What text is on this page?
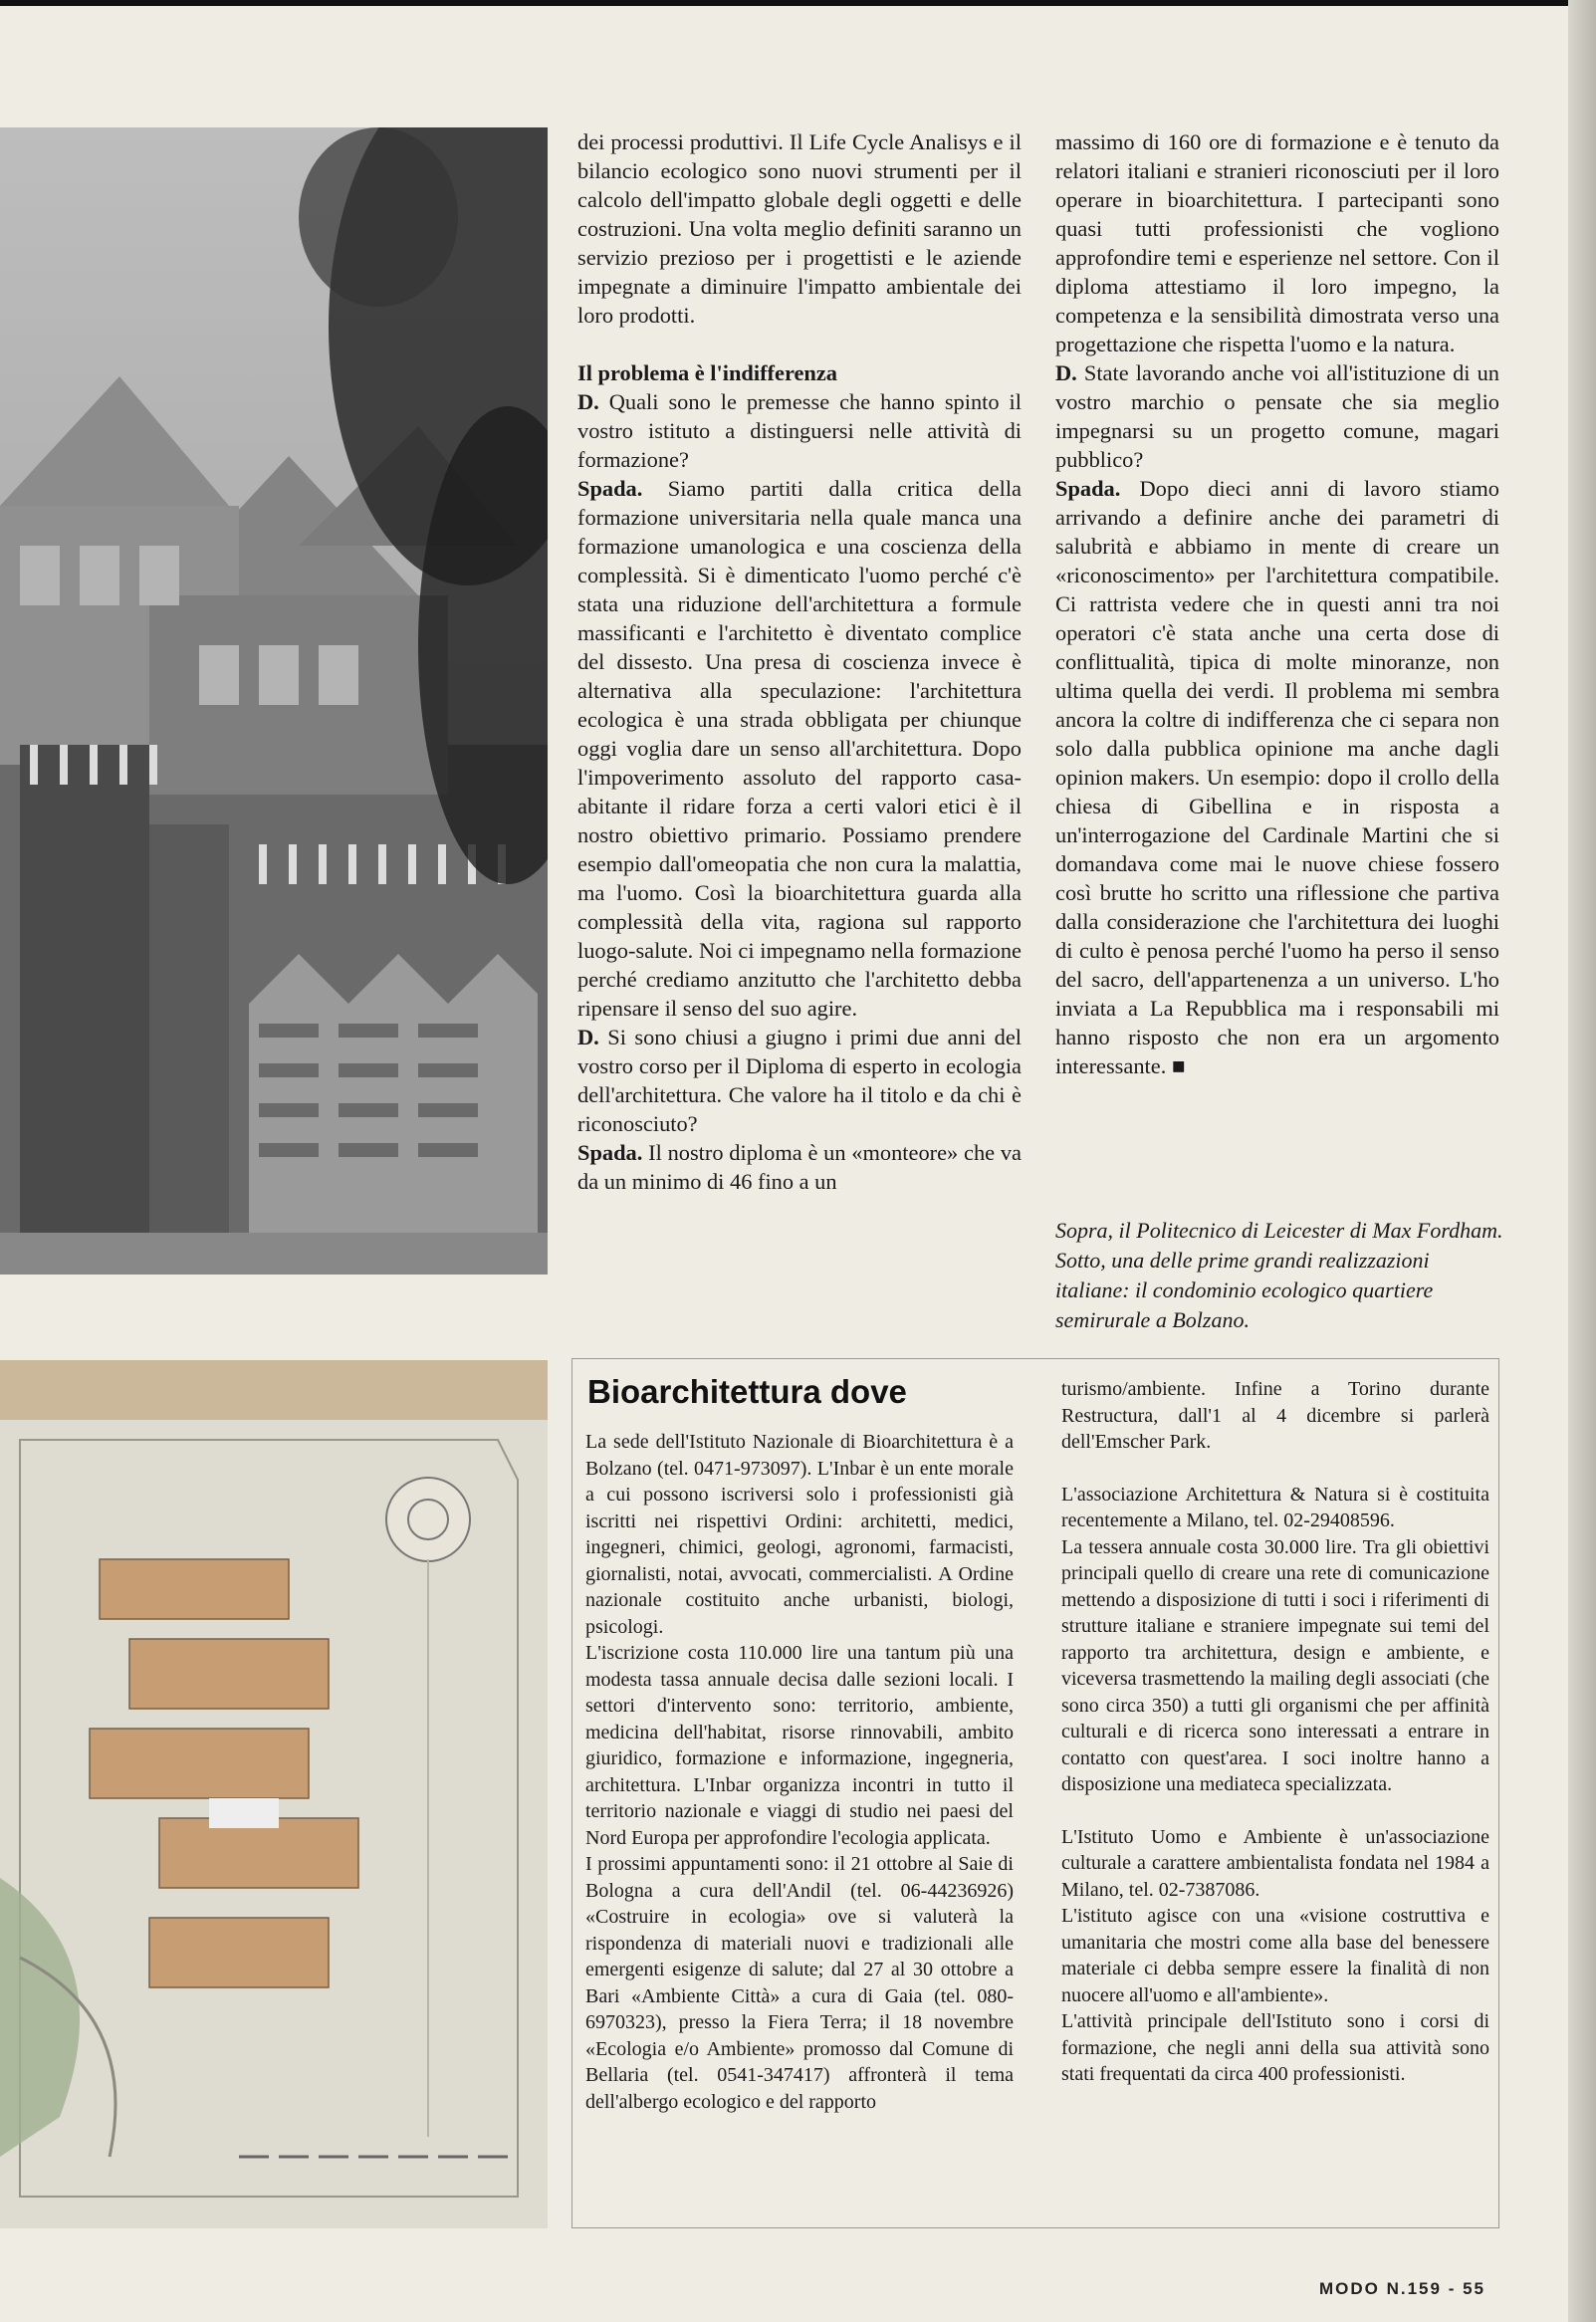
dei processi produttivi. Il Life Cycle Analisys e il bilancio ecologico sono nuovi strumenti per il calcolo dell'impatto globale degli oggetti e delle costruzioni. Una volta meglio definiti saranno un servizio prezioso per i progettisti e le aziende impegnate a diminuire l'impatto ambientale dei loro prodotti.

Il problema è l'indifferenza

D. Quali sono le premesse che hanno spinto il vostro istituto a distinguersi nelle attività di formazione?

Spada. Siamo partiti dalla critica della formazione universitaria nella quale manca una formazione umanologica e una coscienza della complessità. Si è dimenticato l'uomo perché c'è stata una riduzione dell'architettura a formule massificanti e l'architetto è diventato complice del dissesto. Una presa di coscienza invece è alternativa alla speculazione: l'architettura ecologica è una strada obbligata per chiunque oggi voglia dare un senso all'architettura. Dopo l'impoverimento assoluto del rapporto casa-abitante il ridare forza a certi valori etici è il nostro obiettivo primario. Possiamo prendere esempio dall'omeopatia che non cura la malattia, ma l'uomo. Così la bioarchitettura guarda alla complessità della vita, ragiona sul rapporto luogo-salute. Noi ci impegnamo nella formazione perché crediamo anzitutto che l'architetto debba ripensare il senso del suo agire.

D. Si sono chiusi a giugno i primi due anni del vostro corso per il Diploma di esperto in ecologia dell'architettura. Che valore ha il titolo e da chi è riconosciuto?

Spada. Il nostro diploma è un «monteore» che va da un minimo di 46 fino a un

massimo di 160 ore di formazione e è tenuto da relatori italiani e stranieri riconosciuti per il loro operare in bioarchitettura. I partecipanti sono quasi tutti professionisti che vogliono approfondire temi e esperienze nel settore. Con il diploma attestiamo il loro impegno, la competenza e la sensibilità dimostrata verso una progettazione che rispetta l'uomo e la natura.

D. State lavorando anche voi all'istituzione di un vostro marchio o pensate che sia meglio impegnarsi su un progetto comune, magari pubblico?

Spada. Dopo dieci anni di lavoro stiamo arrivando a definire anche dei parametri di salubrità e abbiamo in mente di creare un «riconoscimento» per l'architettura compatibile. Ci rattrista vedere che in questi anni tra noi operatori c'è stata anche una certa dose di conflittualità, tipica di molte minoranze, non ultima quella dei verdi. Il problema mi sembra ancora la coltre di indifferenza che ci separa non solo dalla pubblica opinione ma anche dagli opinion makers. Un esempio: dopo il crollo della chiesa di Gibellina e in risposta a un'interrogazione del Cardinale Martini che si domandava come mai le nuove chiese fossero così brutte ho scritto una riflessione che partiva dalla considerazione che l'architettura dei luoghi di culto è penosa perché l'uomo ha perso il senso del sacro, dell'appartenenza a un universo. L'ho inviata a La Repubblica ma i responsabili mi hanno risposto che non era un argomento interessante. ■

Sopra, il Politecnico di Leicester di Max Fordham. Sotto, una delle prime grandi realizzazioni italiane: il condominio ecologico quartiere semirurale a Bolzano.
Bioarchitettura dove

La sede dell'Istituto Nazionale di Bioarchitettura è a Bolzano (tel. 0471-973097). L'Inbar è un ente morale a cui possono iscriversi solo i professionisti già iscritti nei rispettivi Ordini: architetti, medici, ingegneri, chimici, geologi, agronomi, farmacisti, giornalisti, notai, avvocati, commercialisti. A Ordine nazionale costituito anche urbanisti, biologi, psicologi.

L'iscrizione costa 110.000 lire una tantum più una modesta tassa annuale decisa dalle sezioni locali. I settori d'intervento sono: territorio, ambiente, medicina dell'habitat, risorse rinnovabili, ambito giuridico, formazione e informazione, ingegneria, architettura. L'Inbar organizza incontri in tutto il territorio nazionale e viaggi di studio nei paesi del Nord Europa per approfondire l'ecologia applicata.

I prossimi appuntamenti sono: il 21 ottobre al Saie di Bologna a cura dell'Andil (tel. 06-44236926) «Costruire in ecologia» ove si valuterà la rispondenza di materiali nuovi e tradizionali alle emergenti esigenze di salute; dal 27 al 30 ottobre a Bari «Ambiente Città» a cura di Gaia (tel. 080-6970323), presso la Fiera Terra; il 18 novembre «Ecologia e/o Ambiente» promosso dal Comune di Bellaria (tel. 0541-347417) affronterà il tema dell'albergo ecologico e del rapporto

turismo/ambiente. Infine a Torino durante Restructura, dall'1 al 4 dicembre si parlerà dell'Emscher Park.

L'associazione Architettura & Natura si è costituita recentemente a Milano, tel. 02-29408596.

La tessera annuale costa 30.000 lire. Tra gli obiettivi principali quello di creare una rete di comunicazione mettendo a disposizione di tutti i soci i riferimenti di strutture italiane e straniere impegnate sui temi del rapporto tra architettura, design e ambiente, e viceversa trasmettendo la mailing degli associati (che sono circa 350) a tutti gli organismi che per affinità culturali e di ricerca sono interessati a entrare in contatto con quest'area. I soci inoltre hanno a disposizione una mediateca specializzata.

L'Istituto Uomo e Ambiente è un'associazione culturale a carattere ambientalista fondata nel 1984 a Milano, tel. 02-7387086.

L'istituto agisce con una «visione costruttiva e umanitaria che mostri come alla base del benessere materiale ci debba sempre essere la finalità di non nuocere all'uomo e all'ambiente».

L'attività principale dell'Istituto sono i corsi di formazione, che negli anni della sua attività sono stati frequentati da circa 400 professionisti.

MODO N.159 - 55
